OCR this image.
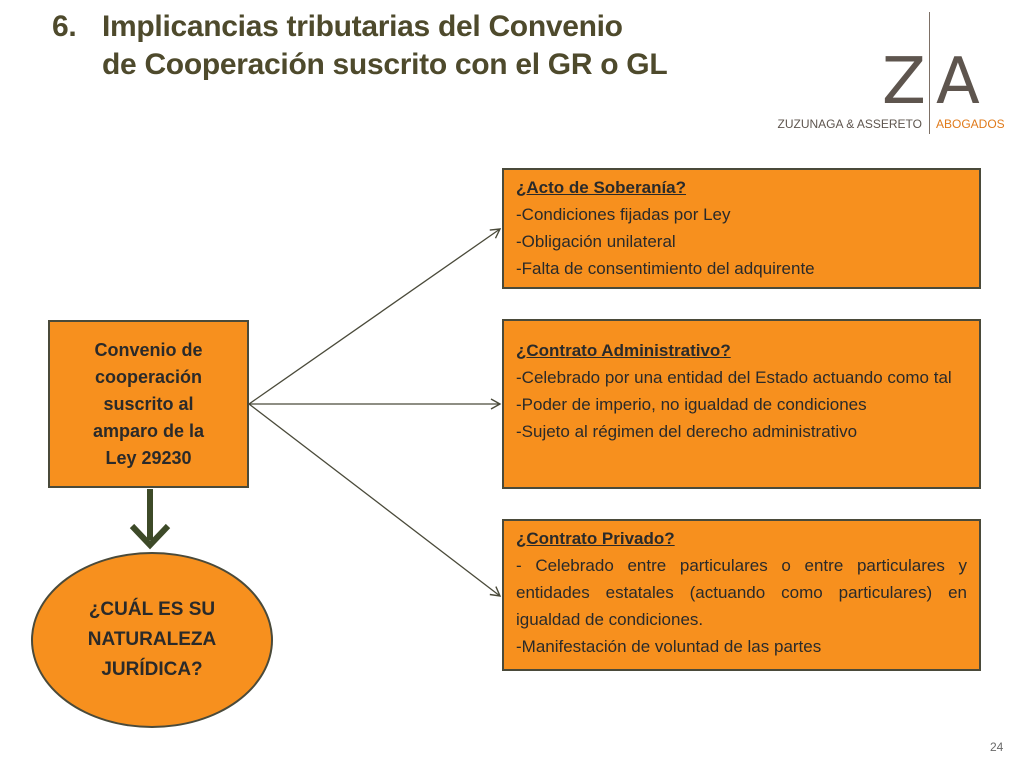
6. Implicancias tributarias del Convenio
de Cooperación suscrito con el GR o GL	Z A
ZUZUNAGA & ASSERETO ABOGADOS
Convenio de
cooperación
suscrito al
amparo de la
Ley 29230
¿Acto de Soberanía?
-Condiciones fijadas por Ley
-Obligación unilateral
-Falta de consentimiento del adquirente
¿Contrato Administrativo?
-Celebrado por una entidad del Estado actuando como tal
-Poder de imperio, no igualdad de condiciones
-Sujeto al régimen del derecho administrativo
¿Contrato Privado?
- Celebrado entre particulares o entre particulares y entidades estatales (actuando como particulares) en igualdad de condiciones.
-Manifestación de voluntad de las partes
¿CUÁL ES SU
NATURALEZA
JURÍDICA?
24
